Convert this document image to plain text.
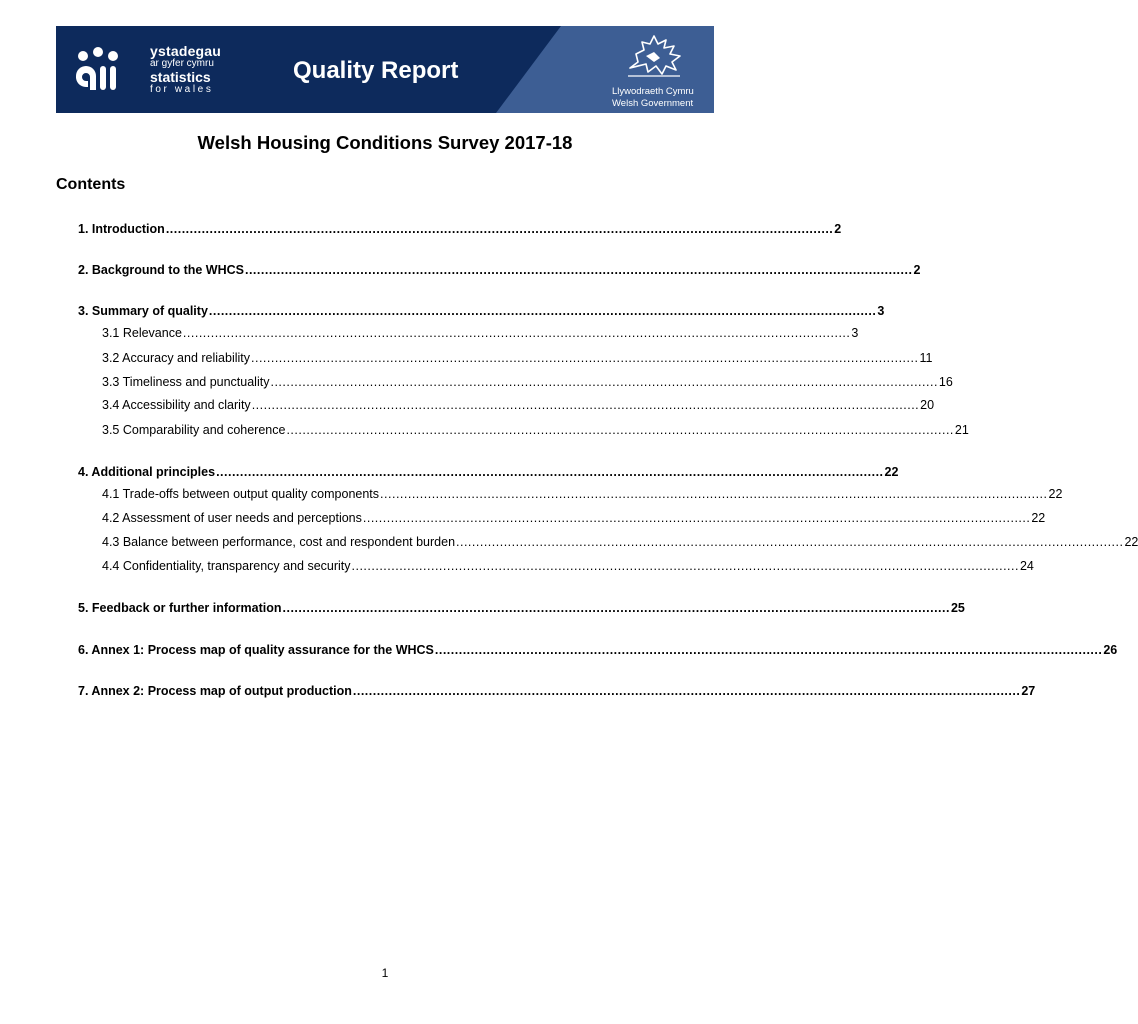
ystadegau
ar gyfer cymru
statistics
for wales
Quality Report
Llywodraeth Cymru
Welsh Government
Welsh Housing Conditions Survey 2017-18
Contents
1. Introduction ........................................................................................................................................................................ 2
2. Background to the WHCS ........................................................................................................................................................................ 2
3. Summary of quality ........................................................................................................................................................................ 3
3.1 Relevance ........................................................................................................................................................................ 3
3.2 Accuracy and reliability ........................................................................................................................................................................ 11
3.3 Timeliness and punctuality ........................................................................................................................................................................ 16
3.4 Accessibility and clarity ........................................................................................................................................................................ 20
3.5 Comparability and coherence ........................................................................................................................................................................ 21
4. Additional principles ........................................................................................................................................................................ 22
4.1 Trade-offs between output quality components ........................................................................................................................................................................ 22
4.2 Assessment of user needs and perceptions ........................................................................................................................................................................ 22
4.3 Balance between performance, cost and respondent burden ........................................................................................................................................................................ 22
4.4 Confidentiality, transparency and security ........................................................................................................................................................................ 24
5. Feedback or further information ........................................................................................................................................................................ 25
6. Annex 1: Process map of quality assurance for the WHCS ........................................................................................................................................................................ 26
7. Annex 2: Process map of output production ........................................................................................................................................................................ 27
1
